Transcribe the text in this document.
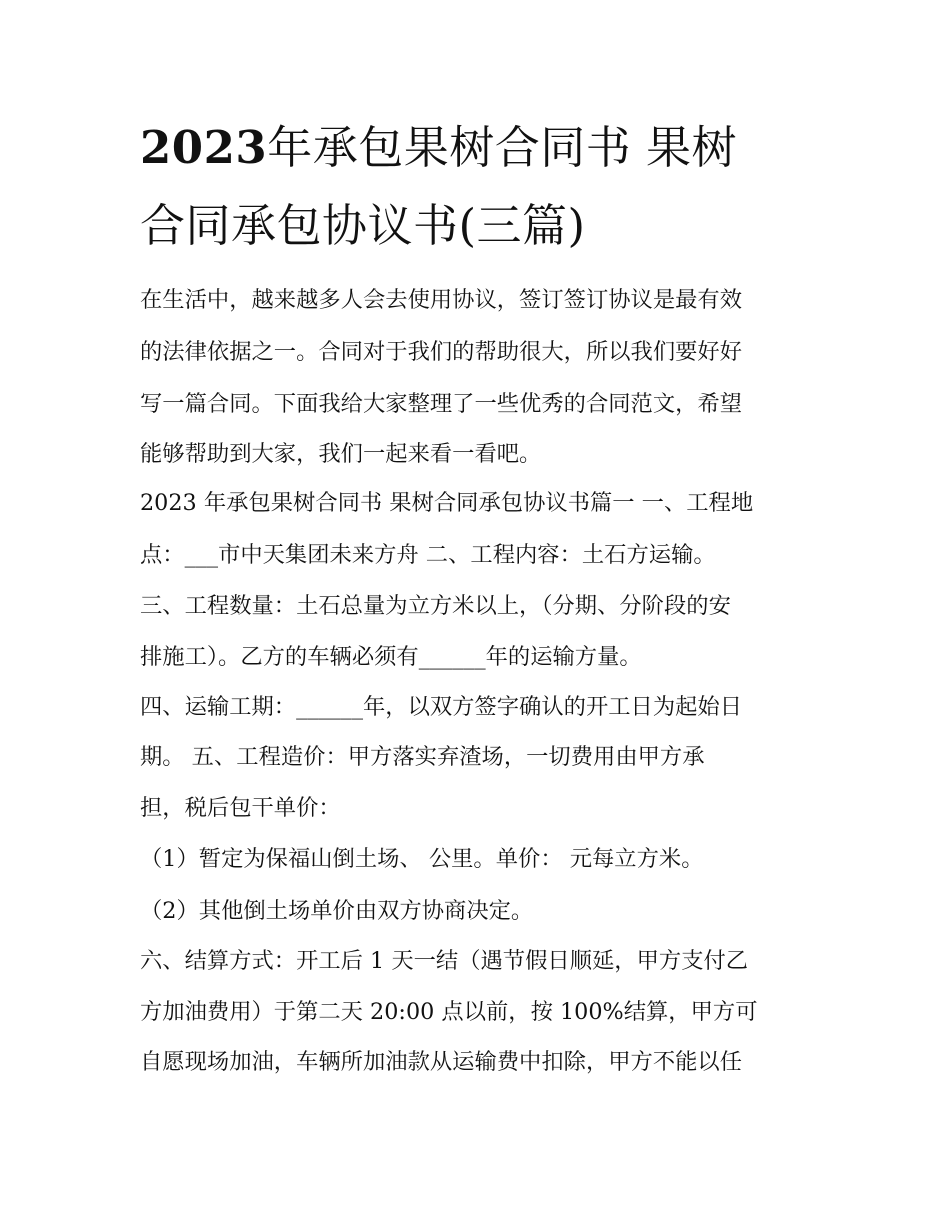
2023年承包果树合同书 果树
合同承包协议书(三篇)
在生活中，越来越多人会去使用协议，签订签订协议是最有效
的法律依据之一。合同对于我们的帮助很大，所以我们要好好
写一篇合同。下面我给大家整理了一些优秀的合同范文，希望
能够帮助到大家，我们一起来看一看吧。
2023 年承包果树合同书 果树合同承包协议书篇一 一、工程地
点：___市中天集团未来方舟 二、工程内容：土石方运输。
三、工程数量：土石总量为立方米以上，（分期、分阶段的安
排施工）。乙方的车辆必须有______年的运输方量。
四、运输工期：______年，以双方签字确认的开工日为起始日
期。 五、工程造价：甲方落实弃渣场，一切费用由甲方承
担，税后包干单价：
（1）暂定为保福山倒土场、 公里。单价： 元每立方米。
（2）其他倒土场单价由双方协商决定。
六、结算方式：开工后 1 天一结（遇节假日顺延，甲方支付乙
方加油费用）于第二天 20:00 点以前，按 100%结算，甲方可
自愿现场加油，车辆所加油款从运输费中扣除，甲方不能以任
